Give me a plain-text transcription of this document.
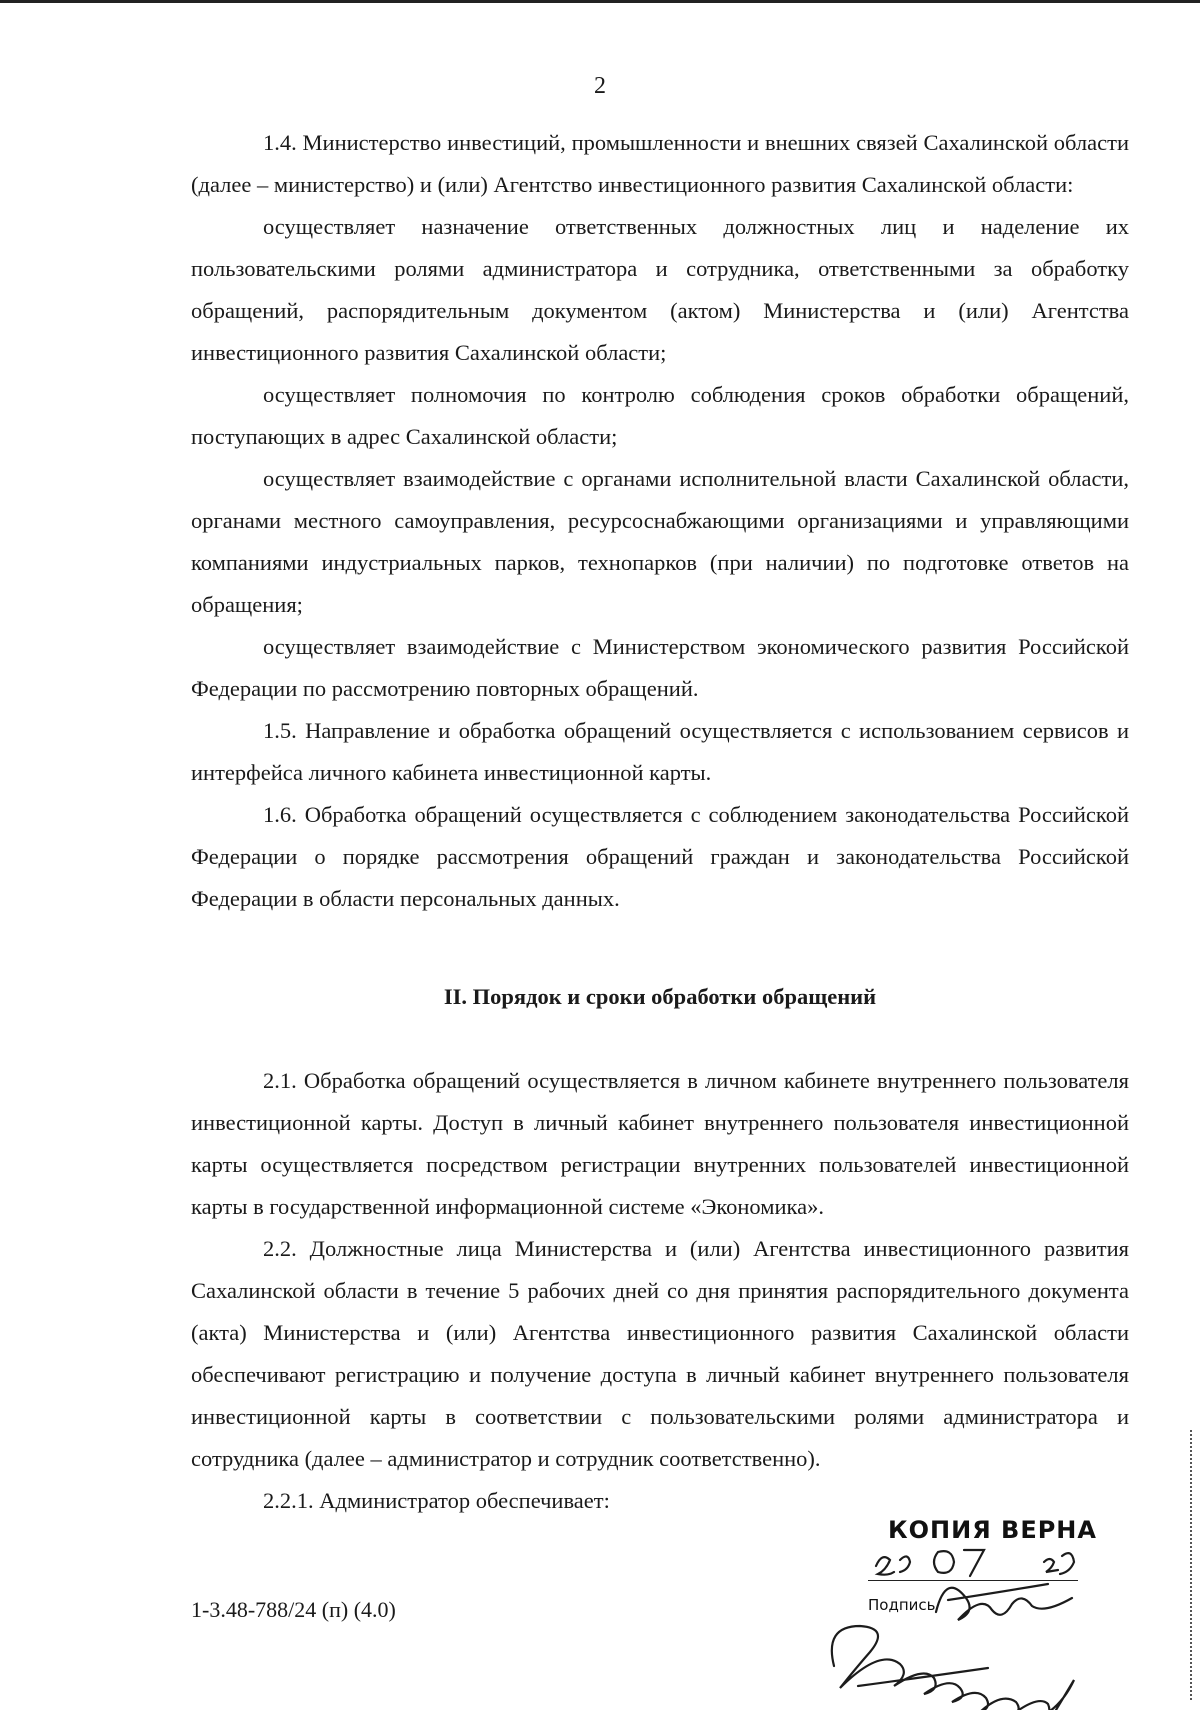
2

1.4. Министерство инвестиций, промышленности и внешних связей Сахалинской области (далее – министерство) и (или) Агентство инвестиционного развития Сахалинской области:

осуществляет назначение ответственных должностных лиц и наделение их пользовательскими ролями администратора и сотрудника, ответственными за обработку обращений, распорядительным документом (актом) Министерства и (или) Агентства инвестиционного развития Сахалинской области;

осуществляет полномочия по контролю соблюдения сроков обработки обращений, поступающих в адрес Сахалинской области;

осуществляет взаимодействие с органами исполнительной власти Сахалинской области, органами местного самоуправления, ресурсоснабжающими организациями и управляющими компаниями индустриальных парков, технопарков (при наличии) по подготовке ответов на обращения;

осуществляет взаимодействие с Министерством экономического развития Российской Федерации по рассмотрению повторных обращений.

1.5. Направление и обработка обращений осуществляется с использованием сервисов и интерфейса личного кабинета инвестиционной карты.

1.6. Обработка обращений осуществляется с соблюдением законодательства Российской Федерации о порядке рассмотрения обращений граждан и законодательства Российской Федерации в области персональных данных.

II. Порядок и сроки обработки обращений

2.1. Обработка обращений осуществляется в личном кабинете внутреннего пользователя инвестиционной карты. Доступ в личный кабинет внутреннего пользователя инвестиционной карты осуществляется посредством регистрации внутренних пользователей инвестиционной карты в государственной информационной системе «Экономика».

2.2. Должностные лица Министерства и (или) Агентства инвестиционного развития Сахалинской области в течение 5 рабочих дней со дня принятия распорядительного документа (акта) Министерства и (или) Агентства инвестиционного развития Сахалинской области обеспечивают регистрацию и получение доступа в личный кабинет внутреннего пользователя инвестиционной карты в соответствии с пользовательскими ролями администратора и сотрудника (далее – администратор и сотрудник соответственно).

2.2.1. Администратор обеспечивает:

1-3.48-788/24 (п) (4.0)
КОПИЯ ВЕРНА
Подпись
